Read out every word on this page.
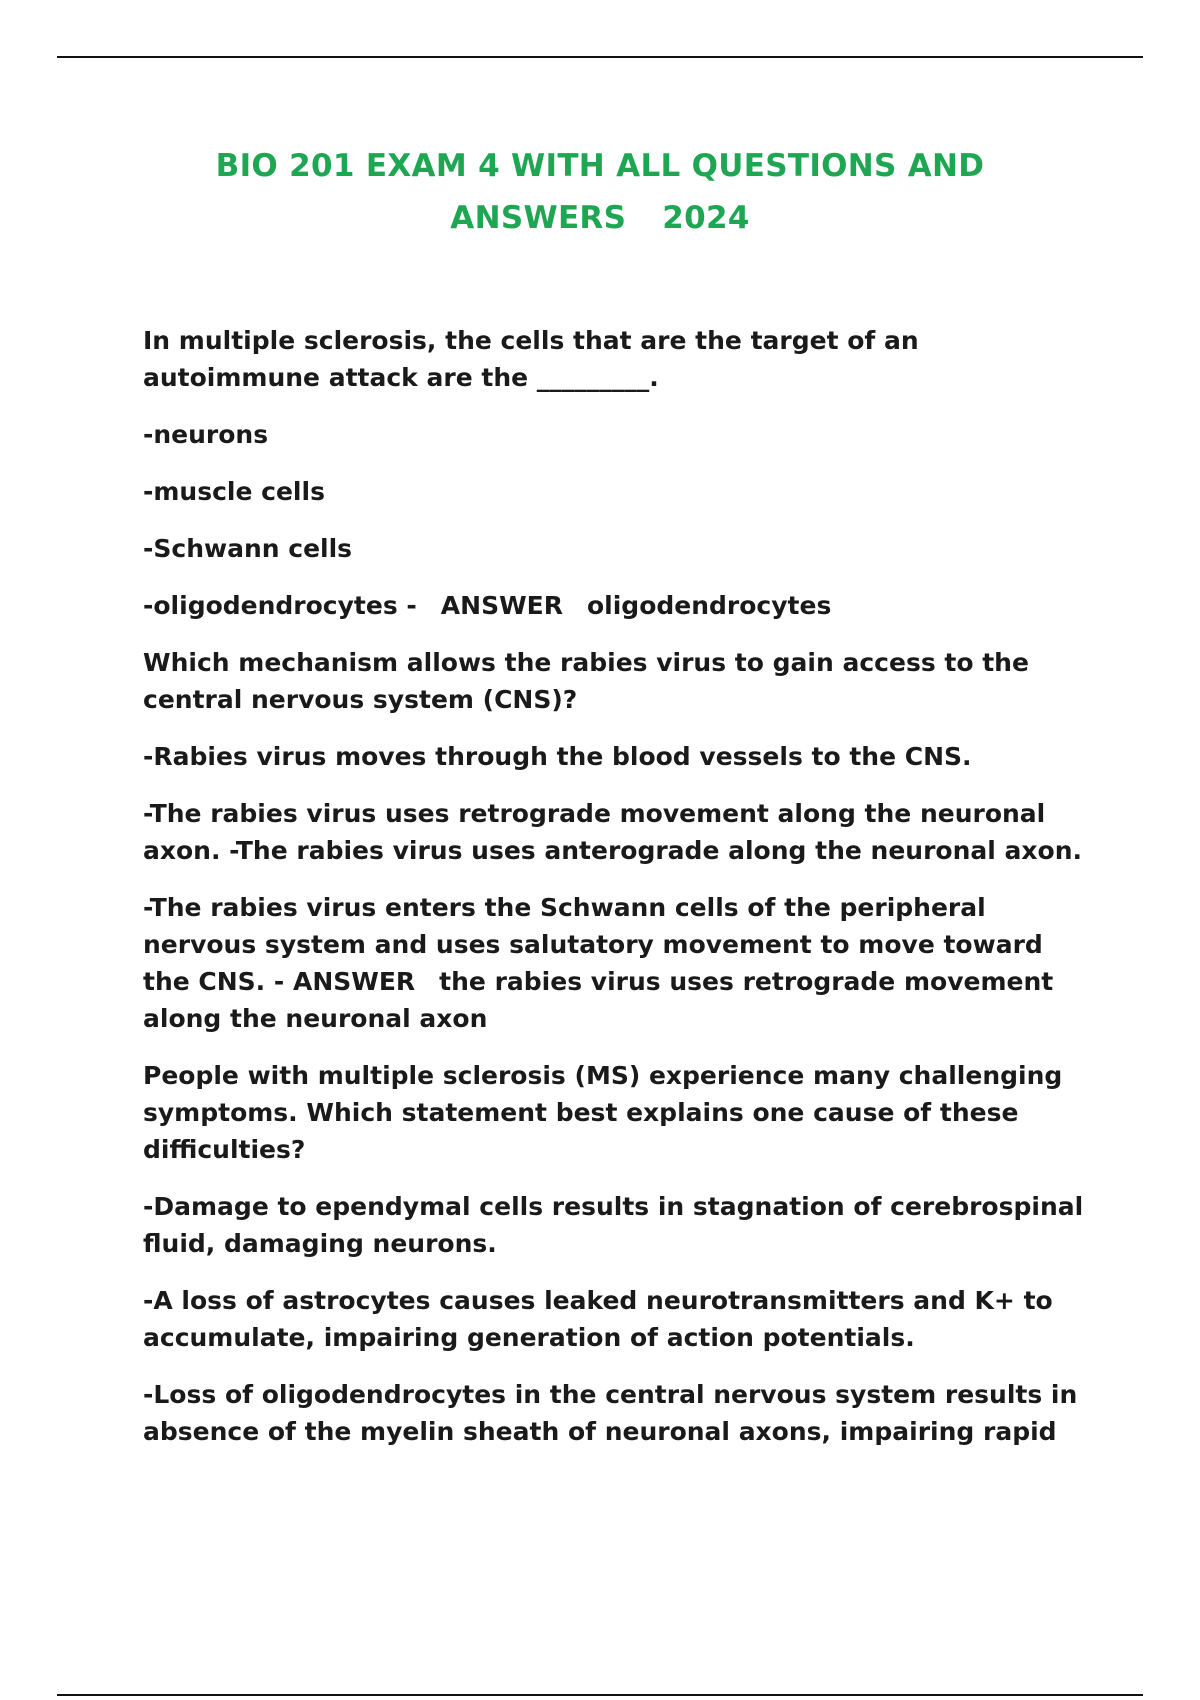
BIO 201 EXAM 4 WITH ALL QUESTIONS AND
ANSWERS 2024

In multiple sclerosis, the cells that are the target of an autoimmune attack are the _________.

-neurons

-muscle cells

-Schwann cells

-oligodendrocytes - ANSWER oligodendrocytes

Which mechanism allows the rabies virus to gain access to the central nervous system (CNS)?

-Rabies virus moves through the blood vessels to the CNS.

-The rabies virus uses retrograde movement along the neuronal axon. -The rabies virus uses anterograde along the neuronal axon.

-The rabies virus enters the Schwann cells of the peripheral nervous system and uses salutatory movement to move toward the CNS. - ANSWER the rabies virus uses retrograde movement along the neuronal axon

People with multiple sclerosis (MS) experience many challenging symptoms. Which statement best explains one cause of these difficulties?

-Damage to ependymal cells results in stagnation of cerebrospinal fluid, damaging neurons.

-A loss of astrocytes causes leaked neurotransmitters and K+ to accumulate, impairing generation of action potentials.

-Loss of oligodendrocytes in the central nervous system results in absence of the myelin sheath of neuronal axons, impairing rapid
